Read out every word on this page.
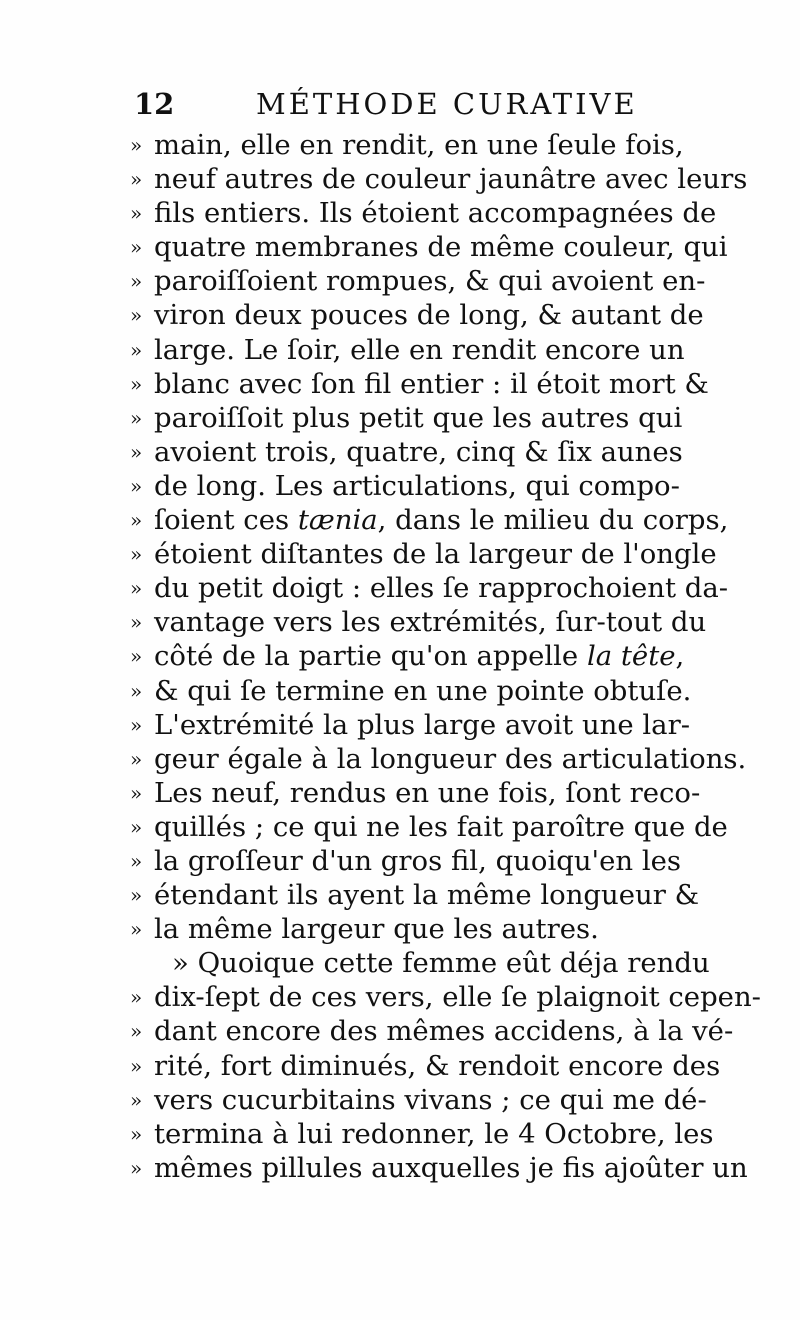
12	MÉTHODE CURATIVE
» main, elle en rendit, en une ſeule fois,
» neuf autres de couleur jaunâtre avec leurs
» fils entiers. Ils étoient accompagnées de
» quatre membranes de même couleur, qui
» paroiſſoient rompues, & qui avoient en-
» viron deux pouces de long, & autant de
» large. Le ſoir, elle en rendit encore un
» blanc avec ſon fil entier : il étoit mort &
» paroiſſoit plus petit que les autres qui
» avoient trois, quatre, cinq & ſix aunes
» de long. Les articulations, qui compo-
» ſoient ces tænia, dans le milieu du corps,
» étoient diſtantes de la largeur de l'ongle
» du petit doigt : elles ſe rapprochoient da-
» vantage vers les extrémités, ſur-tout du
» côté de la partie qu'on appelle la tête,
» & qui ſe termine en une pointe obtuſe.
» L'extrémité la plus large avoit une lar-
» geur égale à la longueur des articulations.
» Les neuf, rendus en une fois, ſont reco-
» quillés ; ce qui ne les fait paroître que de
» la groſſeur d'un gros fil, quoiqu'en les
» étendant ils ayent la même longueur &
» la même largeur que les autres.
» Quoique cette femme eût déja rendu
» dix-ſept de ces vers, elle ſe plaignoit cepen-
» dant encore des mêmes accidens, à la vé-
» rité, fort diminués, & rendoit encore des
» vers cucurbitains vivans ; ce qui me dé-
» termina à lui redonner, le 4 Octobre, les
» mêmes pillules auxquelles je fis ajoûter un
